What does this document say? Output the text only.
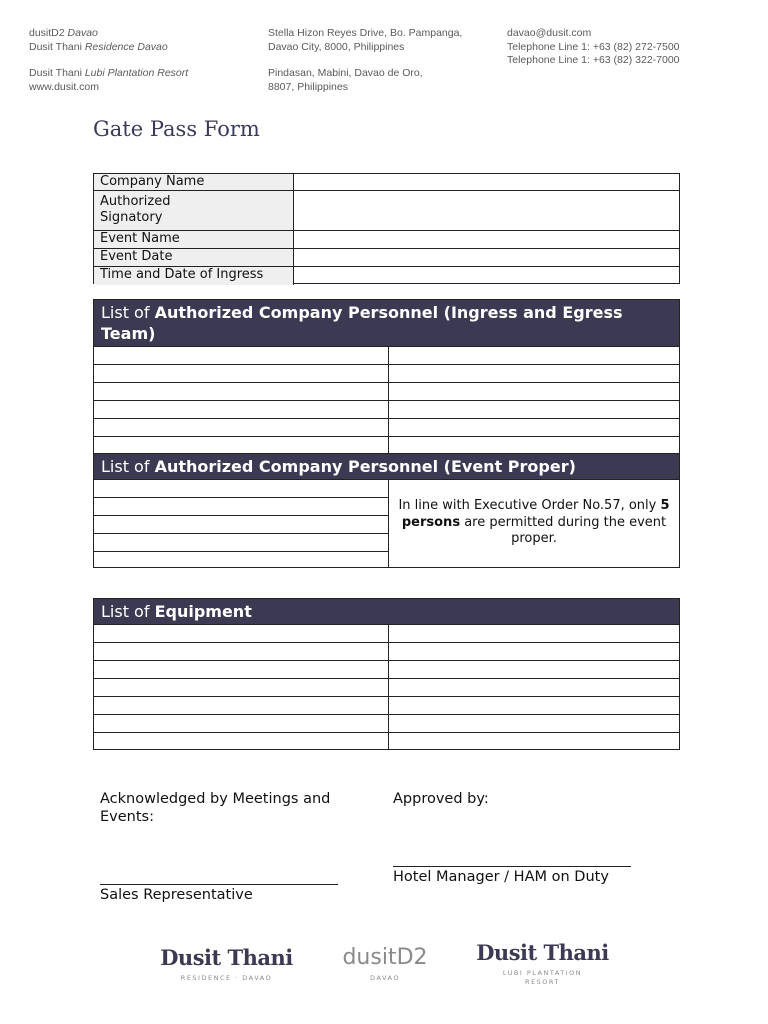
dusitD2 Davao
Dusit Thani Residence Davao
Dusit Thani Lubi Plantation Resort
www.dusit.com
Stella Hizon Reyes Drive, Bo. Pampanga,
Davao City, 8000, Philippines
Pindasan, Mabini, Davao de Oro,
8807, Philippines
davao@dusit.com
Telephone Line 1: +63 (82) 272-7500
Telephone Line 1: +63 (82) 322-7000
Gate Pass Form
Company Name
Authorized
Signatory
Event Name
Event Date
Time and Date of Ingress
List of Authorized Company Personnel (Ingress and Egress Team)
List of Authorized Company Personnel (Event Proper)
In line with Executive Order No.57, only 5 persons are permitted during the event proper.
List of Equipment
Acknowledged by Meetings and Events:
Approved by:
Sales Representative
Hotel Manager / HAM on Duty
Dusit Thani
RESIDENCE · DAVAO
dusitD2
DAVAO
Dusit Thani
LUBI PLANTATION
RESORT
